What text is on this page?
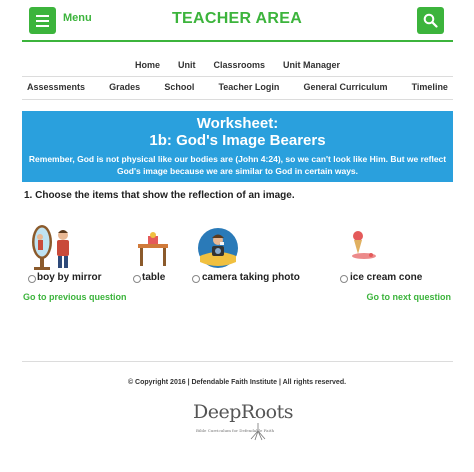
Menu	TEACHER AREA
Home	Unit	Classrooms	Unit Manager
Assessments	Grades	School	Teacher Login	General Curriculum	Timeline
Worksheet:
1b: God's Image Bearers
Remember, God is not physical like our bodies are (John 4:24), so we can't look like Him. But we reflect God's image because we are similar to God in certain ways.
1. Choose the items that show the reflection of an image.
boy by mirror	table	camera taking photo	ice cream cone
Go to previous question	Go to next question
© Copyright 2016 | Defendable Faith Institute | All rights reserved.
DeepRoots
Bible Curriculum for Defendable Faith
